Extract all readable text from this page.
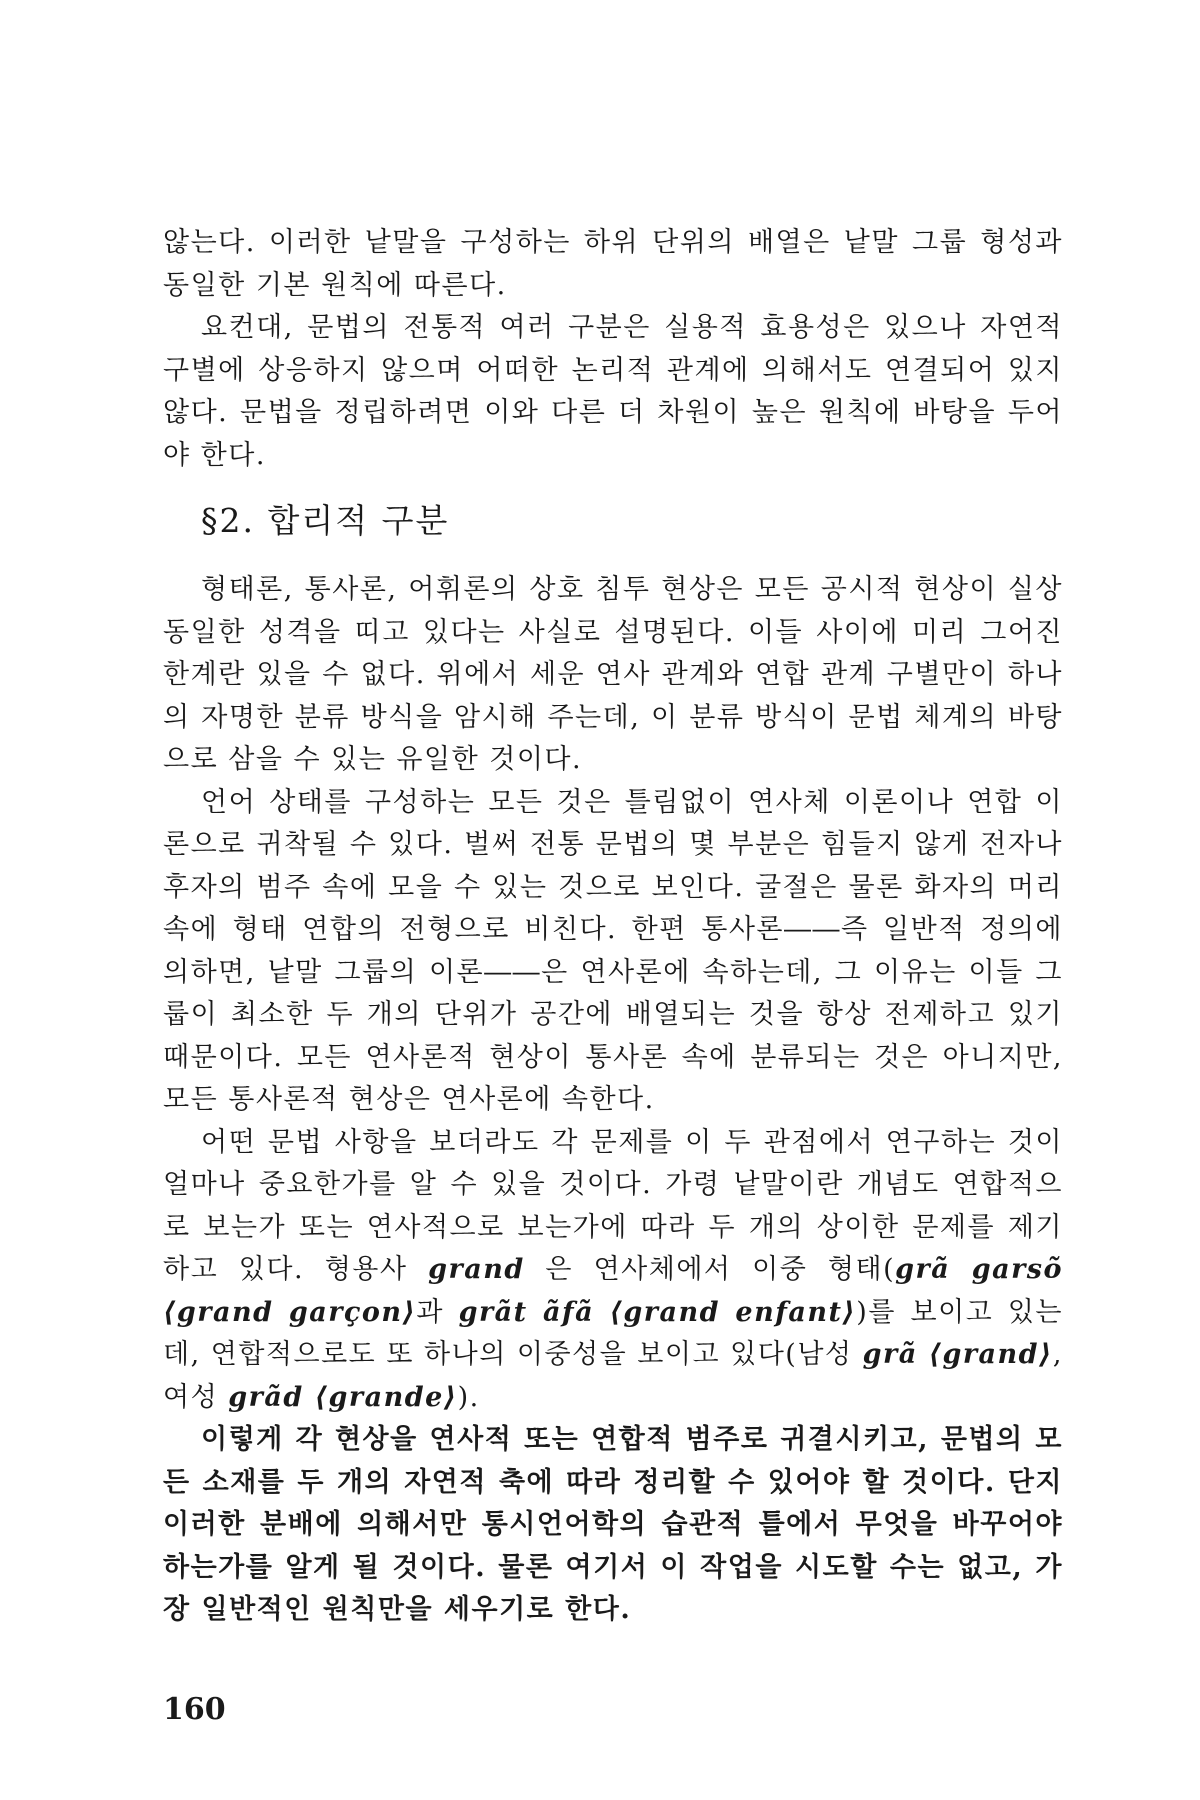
않는다. 이러한 낱말을 구성하는 하위 단위의 배열은 낱말 그룹 형성과 동일한 기본 원칙에 따른다.

요컨대, 문법의 전통적 여러 구분은 실용적 효용성은 있으나 자연적 구별에 상응하지 않으며 어떠한 논리적 관계에 의해서도 연결되어 있지 않다. 문법을 정립하려면 이와 다른 더 차원이 높은 원칙에 바탕을 두어야 한다.

§2. 합리적 구분

형태론, 통사론, 어휘론의 상호 침투 현상은 모든 공시적 현상이 실상 동일한 성격을 띠고 있다는 사실로 설명된다. 이들 사이에 미리 그어진 한계란 있을 수 없다. 위에서 세운 연사 관계와 연합 관계 구별만이 하나의 자명한 분류 방식을 암시해 주는데, 이 분류 방식이 문법 체계의 바탕으로 삼을 수 있는 유일한 것이다.

언어 상태를 구성하는 모든 것은 틀림없이 연사체 이론이나 연합 이론으로 귀착될 수 있다. 벌써 전통 문법의 몇 부분은 힘들지 않게 전자나 후자의 범주 속에 모을 수 있는 것으로 보인다. 굴절은 물론 화자의 머리 속에 형태 연합의 전형으로 비친다. 한편 통사론――즉 일반적 정의에 의하면, 낱말 그룹의 이론――은 연사론에 속하는데, 그 이유는 이들 그룹이 최소한 두 개의 단위가 공간에 배열되는 것을 항상 전제하고 있기 때문이다. 모든 연사론적 현상이 통사론 속에 분류되는 것은 아니지만, 모든 통사론적 현상은 연사론에 속한다.

어떤 문법 사항을 보더라도 각 문제를 이 두 관점에서 연구하는 것이 얼마나 중요한가를 알 수 있을 것이다. 가령 낱말이란 개념도 연합적으로 보는가 또는 연사적으로 보는가에 따라 두 개의 상이한 문제를 제기하고 있다. 형용사 grand 은 연사체에서 이중 형태(grã garsõ ⟨grand garçon⟩과 grãt ãfã ⟨grand enfant⟩)를 보이고 있는데, 연합적으로도 또 하나의 이중성을 보이고 있다(남성 grã ⟨grand⟩, 여성 grãd ⟨grande⟩).

이렇게 각 현상을 연사적 또는 연합적 범주로 귀결시키고, 문법의 모든 소재를 두 개의 자연적 축에 따라 정리할 수 있어야 할 것이다. 단지 이러한 분배에 의해서만 통시언어학의 습관적 틀에서 무엇을 바꾸어야 하는가를 알게 될 것이다. 물론 여기서 이 작업을 시도할 수는 없고, 가장 일반적인 원칙만을 세우기로 한다.

160
